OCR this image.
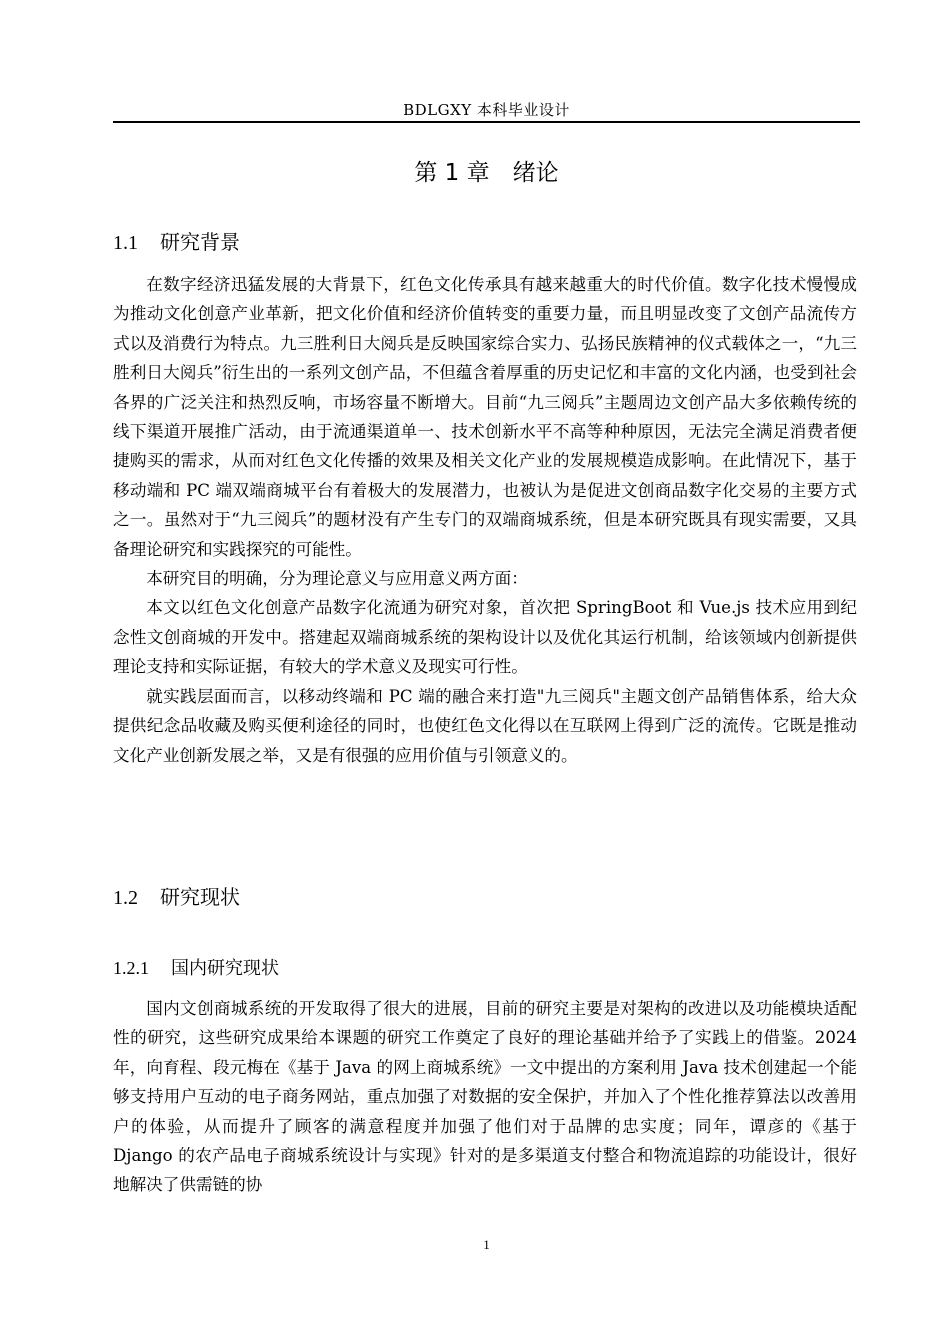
BDLGXY 本科毕业设计
第 1 章　绪论
1.1 研究背景

在数字经济迅猛发展的大背景下，红色文化传承具有越来越重大的时代价值。数字化技术慢慢成为推动文化创意产业革新，把文化价值和经济价值转变的重要力量，而且明显改变了文创产品流传方式以及消费行为特点。九三胜利日大阅兵是反映国家综合实力、弘扬民族精神的仪式载体之一，“九三胜利日大阅兵”衍生出的一系列文创产品，不但蕴含着厚重的历史记忆和丰富的文化内涵，也受到社会各界的广泛关注和热烈反响，市场容量不断增大。目前“九三阅兵”主题周边文创产品大多依赖传统的线下渠道开展推广活动，由于流通渠道单一、技术创新水平不高等种种原因，无法完全满足消费者便捷购买的需求，从而对红色文化传播的效果及相关文化产业的发展规模造成影响。在此情况下，基于移动端和 PC 端双端商城平台有着极大的发展潜力，也被认为是促进文创商品数字化交易的主要方式之一。虽然对于“九三阅兵”的题材没有产生专门的双端商城系统，但是本研究既具有现实需要，又具备理论研究和实践探究的可能性。

本研究目的明确，分为理论意义与应用意义两方面：

本文以红色文化创意产品数字化流通为研究对象，首次把 SpringBoot 和 Vue.js 技术应用到纪念性文创商城的开发中。搭建起双端商城系统的架构设计以及优化其运行机制，给该领域内创新提供理论支持和实际证据，有较大的学术意义及现实可行性。

就实践层面而言，以移动终端和 PC 端的融合来打造"九三阅兵"主题文创产品销售体系，给大众提供纪念品收藏及购买便利途径的同时，也使红色文化得以在互联网上得到广泛的流传。它既是推动文化产业创新发展之举，又是有很强的应用价值与引领意义的。

1.2 研究现状
1.2.1 国内研究现状

国内文创商城系统的开发取得了很大的进展，目前的研究主要是对架构的改进以及功能模块适配性的研究，这些研究成果给本课题的研究工作奠定了良好的理论基础并给予了实践上的借鉴。2024 年，向育程、段元梅在《基于 Java 的网上商城系统》一文中提出的方案利用 Java 技术创建起一个能够支持用户互动的电子商务网站，重点加强了对数据的安全保护，并加入了个性化推荐算法以改善用户的体验，从而提升了顾客的满意程度并加强了他们对于品牌的忠实度；同年，谭彦的《基于 Django 的农产品电子商城系统设计与实现》针对的是多渠道支付整合和物流追踪的功能设计，很好地解决了供需链的协

1
